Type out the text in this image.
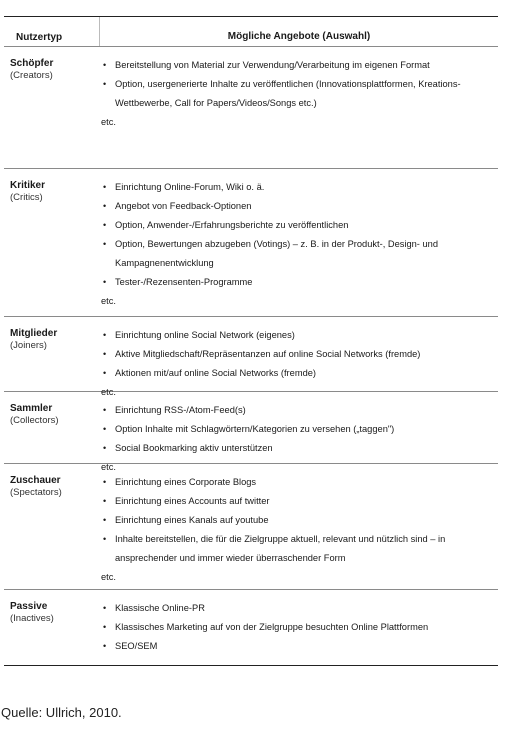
Nutzertyp	Mögliche Angebote (Auswahl)
Schöpfer
(Creators)
• Bereitstellung von Material zur Verwendung/Verarbeitung im eigenen Format
• Option, usergenerierte Inhalte zu veröffentlichen (Innovationsplattformen, Kreations-Wettbewerbe, Call for Papers/Videos/Songs etc.)
etc.
Kritiker
(Critics)
• Einrichtung Online-Forum, Wiki o. ä.
• Angebot von Feedback-Optionen
• Option, Anwender-/Erfahrungsberichte zu veröffentlichen
• Option, Bewertungen abzugeben (Votings) – z. B. in der Produkt-, Design- und Kampagnenentwicklung
• Tester-/Rezensenten-Programme
etc.
Mitglieder
(Joiners)
• Einrichtung online Social Network (eigenes)
• Aktive Mitgliedschaft/Repräsentanzen auf online Social Networks (fremde)
• Aktionen mit/auf online Social Networks (fremde)
etc.
Sammler
(Collectors)
• Einrichtung RSS-/Atom-Feed(s)
• Option Inhalte mit Schlagwörtern/Kategorien zu versehen („taggen")
• Social Bookmarking aktiv unterstützen
etc.
Zuschauer
(Spectators)
• Einrichtung eines Corporate Blogs
• Einrichtung eines Accounts auf twitter
• Einrichtung eines Kanals auf youtube
• Inhalte bereitstellen, die für die Zielgruppe aktuell, relevant und nützlich sind – in ansprechender und immer wieder überraschender Form
etc.
Passive
(Inactives)
• Klassische Online-PR
• Klassisches Marketing auf von der Zielgruppe besuchten Online Plattformen
• SEO/SEM
Quelle: Ullrich, 2010.
